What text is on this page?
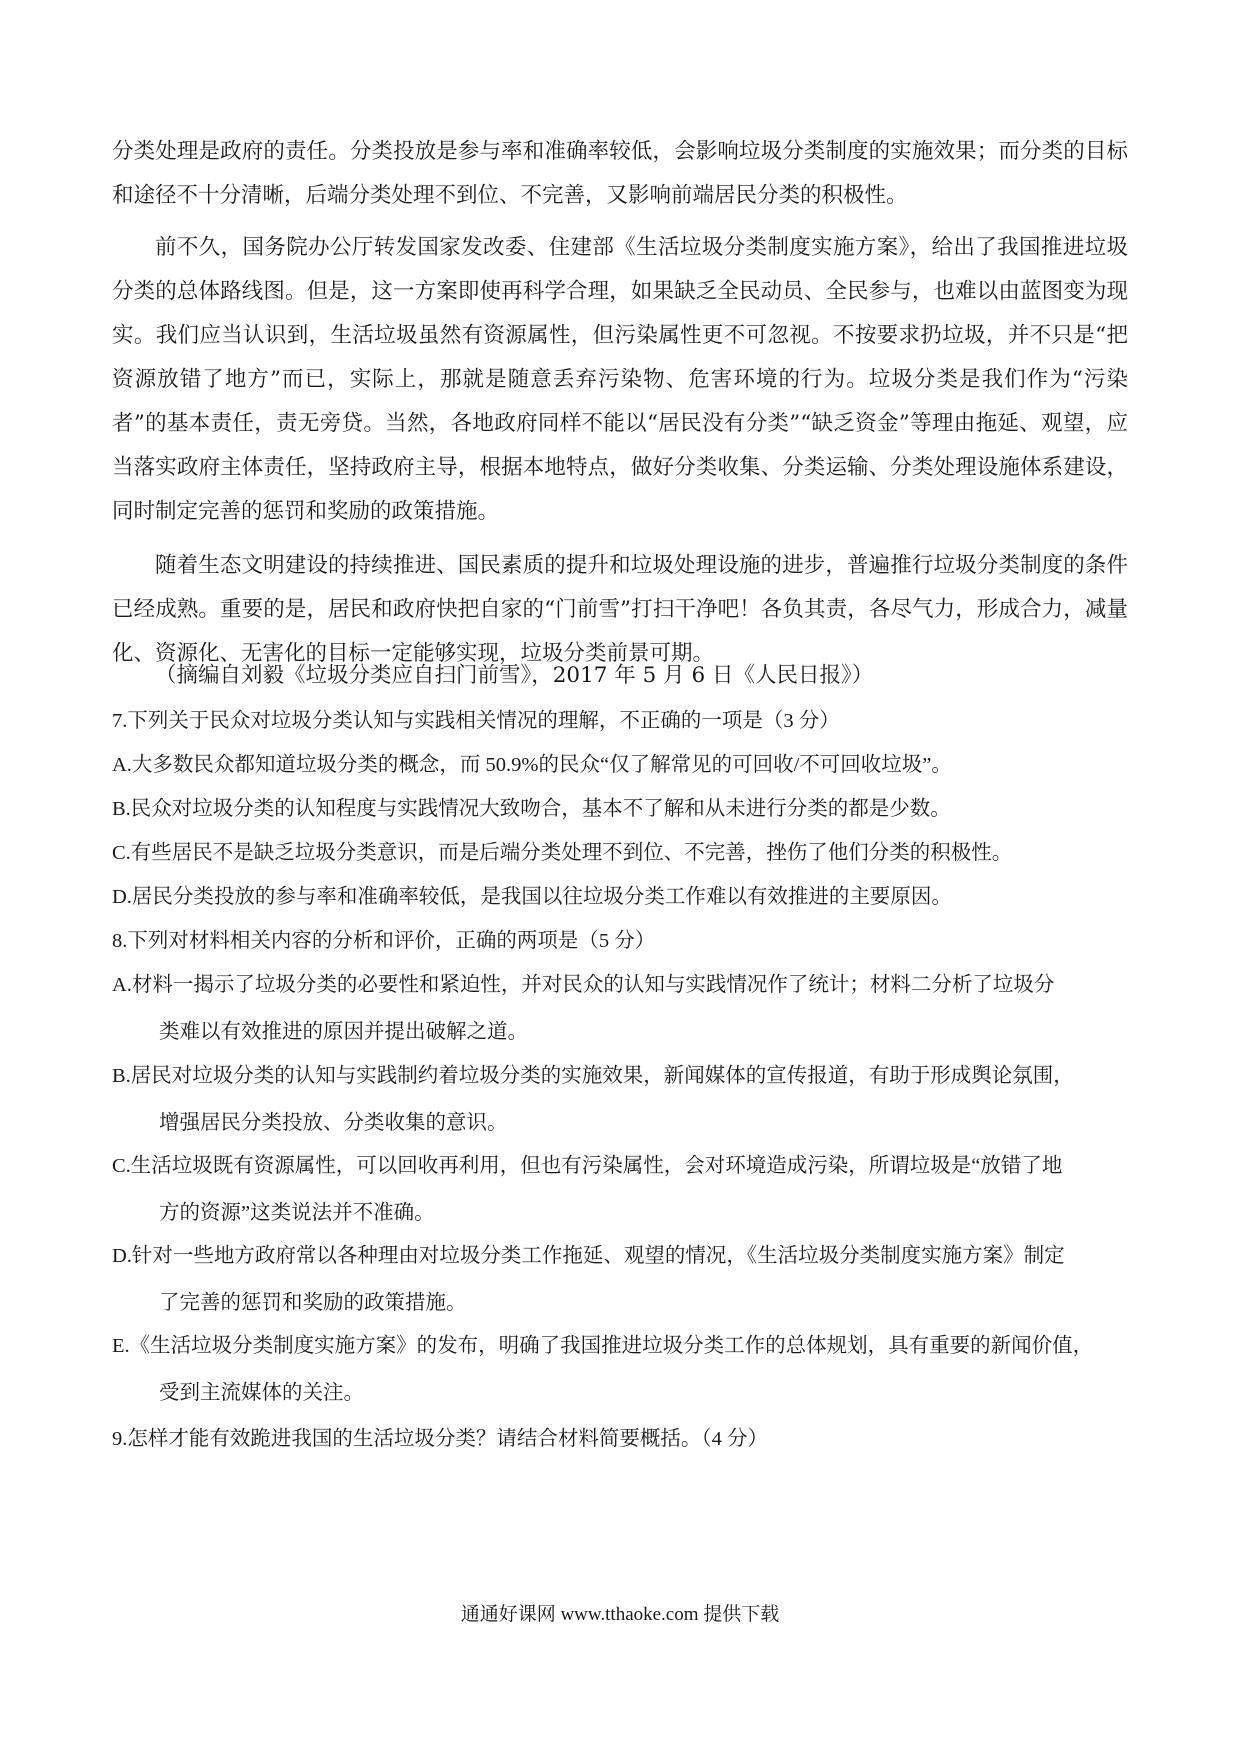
分类处理是政府的责任。分类投放是参与率和准确率较低，会影响垃圾分类制度的实施效果；而分类的目标和途径不十分清晰，后端分类处理不到位、不完善，又影响前端居民分类的积极性。

前不久，国务院办公厅转发国家发改委、住建部《生活垃圾分类制度实施方案》，给出了我国推进垃圾分类的总体路线图。但是，这一方案即使再科学合理，如果缺乏全民动员、全民参与，也难以由蓝图变为现实。我们应当认识到，生活垃圾虽然有资源属性，但污染属性更不可忽视。不按要求扔垃圾，并不只是“把资源放错了地方”而已，实际上，那就是随意丢弃污染物、危害环境的行为。垃圾分类是我们作为“污染者”的基本责任，责无旁贷。当然，各地政府同样不能以“居民没有分类”“缺乏资金”等理由拖延、观望，应当落实政府主体责任，坚持政府主导，根据本地特点，做好分类收集、分类运输、分类处理设施体系建设，同时制定完善的惩罚和奖励的政策措施。

随着生态文明建设的持续推进、国民素质的提升和垃圾处理设施的进步，普遍推行垃圾分类制度的条件已经成熟。重要的是，居民和政府快把自家的“门前雪”打扫干净吧！各负其责，各尽气力，形成合力，减量化、资源化、无害化的目标一定能够实现，垃圾分类前景可期。

（摘编自刘毅《垃圾分类应自扫门前雪》，2017 年 5 月 6 日《人民日报》）

7.下列关于民众对垃圾分类认知与实践相关情况的理解，不正确的一项是（3 分）

A.大多数民众都知道垃圾分类的概念，而 50.9%的民众“仅了解常见的可回收/不可回收垃圾”。

B.民众对垃圾分类的认知程度与实践情况大致吻合，基本不了解和从未进行分类的都是少数。

C.有些居民不是缺乏垃圾分类意识，而是后端分类处理不到位、不完善，挫伤了他们分类的积极性。

D.居民分类投放的参与率和准确率较低，是我国以往垃圾分类工作难以有效推进的主要原因。

8.下列对材料相关内容的分析和评价，正确的两项是（5 分）

A.材料一揭示了垃圾分类的必要性和紧迫性，并对民众的认知与实践情况作了统计；材料二分析了垃圾分
类难以有效推进的原因并提出破解之道。

B.居民对垃圾分类的认知与实践制约着垃圾分类的实施效果，新闻媒体的宣传报道，有助于形成舆论氛围，
增强居民分类投放、分类收集的意识。

C.生活垃圾既有资源属性，可以回收再利用，但也有污染属性，会对环境造成污染，所谓垃圾是“放错了地
方的资源”这类说法并不准确。

D.针对一些地方政府常以各种理由对垃圾分类工作拖延、观望的情况，《生活垃圾分类制度实施方案》制定
了完善的惩罚和奖励的政策措施。

E.《生活垃圾分类制度实施方案》的发布，明确了我国推进垃圾分类工作的总体规划，具有重要的新闻价值，
受到主流媒体的关注。

9.怎样才能有效跪进我国的生活垃圾分类？请结合材料简要概括。（4 分）

通通好课网 www.tthaoke.com 提供下载
